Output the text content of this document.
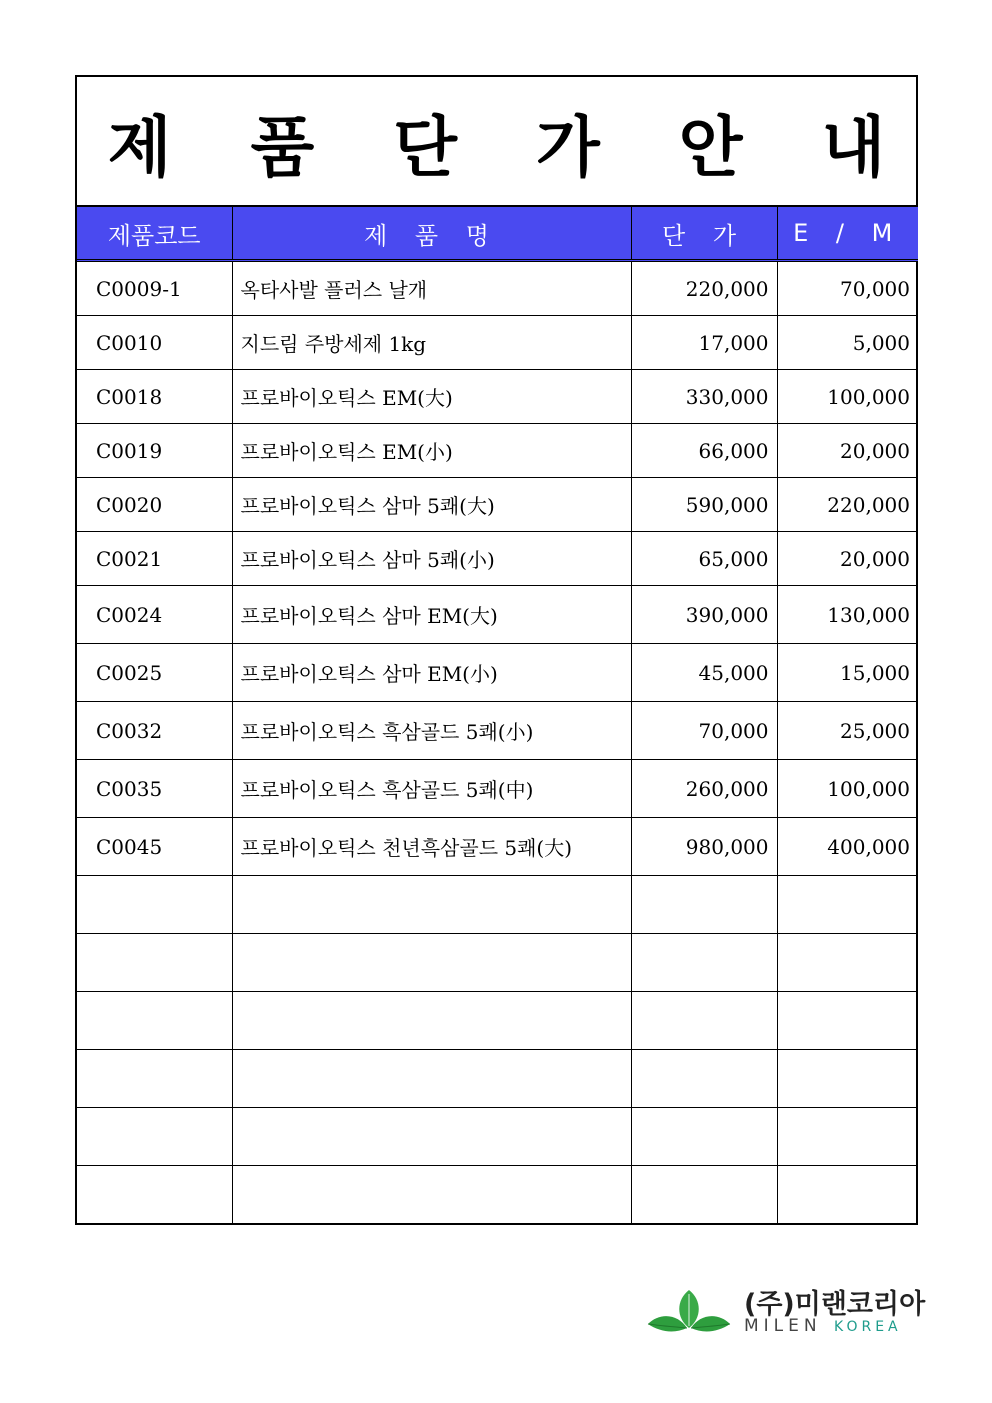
제 품 단 가 안 내
제품코드	제 품 명	단 가	E / M
C0009-1	옥타사발 플러스 날개	220,000	70,000
C0010	지드림 주방세제 1kg	17,000	5,000
C0018	프로바이오틱스 EM(大)	330,000	100,000
C0019	프로바이오틱스 EM(小)	66,000	20,000
C0020	프로바이오틱스 삼마 5쾌(大)	590,000	220,000
C0021	프로바이오틱스 삼마 5쾌(小)	65,000	20,000
C0024	프로바이오틱스 삼마 EM(大)	390,000	130,000
C0025	프로바이오틱스 삼마 EM(小)	45,000	15,000
C0032	프로바이오틱스 흑삼골드 5쾌(小)	70,000	25,000
C0035	프로바이오틱스 흑삼골드 5쾌(中)	260,000	100,000
C0045	프로바이오틱스 천년흑삼골드 5쾌(大)	980,000	400,000

(주)미랜코리아
MILEN KOREA
